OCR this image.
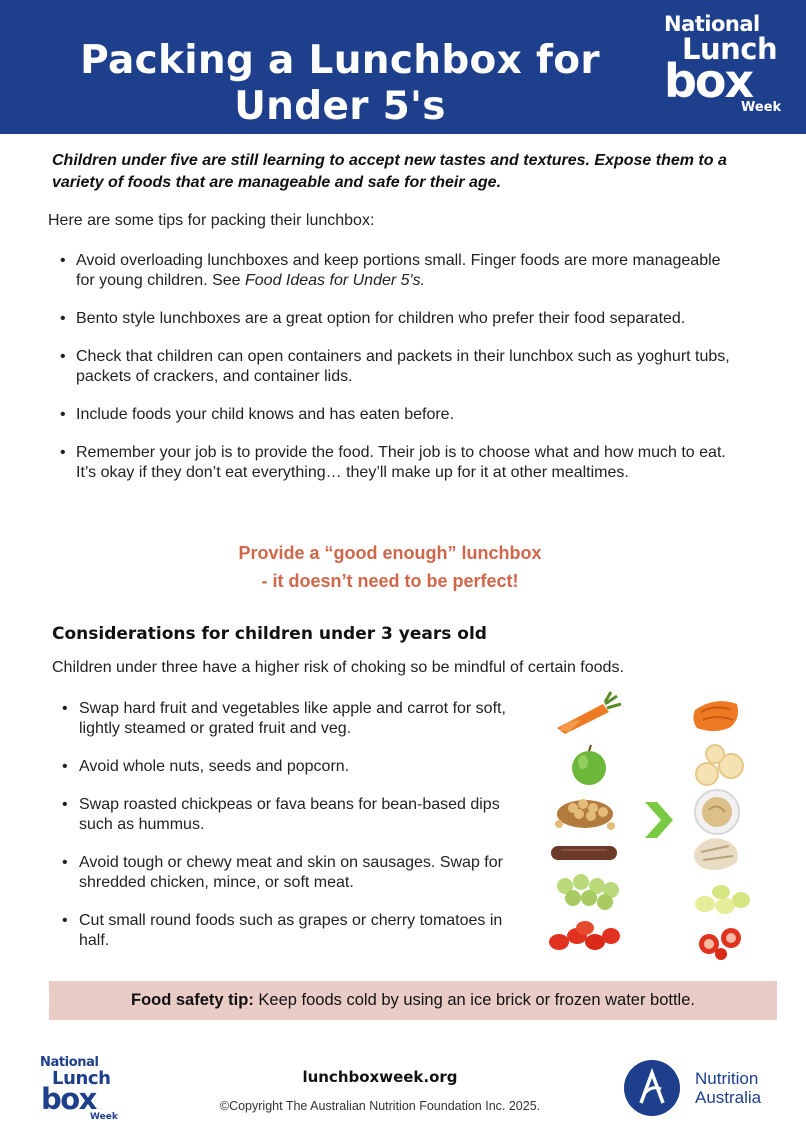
Packing a Lunchbox for Under 5's
National
Lunch
box
Week
Children under five are still learning to accept new tastes and textures. Expose them to a variety of foods that are manageable and safe for their age.
Here are some tips for packing their lunchbox:
• Avoid overloading lunchboxes and keep portions small. Finger foods are more manageable for young children. See Food Ideas for Under 5's.
• Bento style lunchboxes are a great option for children who prefer their food separated.
• Check that children can open containers and packets in their lunchbox such as yoghurt tubs, packets of crackers, and container lids.
• Include foods your child knows and has eaten before.
• Remember your job is to provide the food. Their job is to choose what and how much to eat. It’s okay if they don’t eat everything… they’ll make up for it at other mealtimes.
Provide a “good enough” lunchbox
- it doesn’t need to be perfect!
Considerations for children under 3 years old
Children under three have a higher risk of choking so be mindful of certain foods.
• Swap hard fruit and vegetables like apple and carrot for soft, lightly steamed or grated fruit and veg.
• Avoid whole nuts, seeds and popcorn.
• Swap roasted chickpeas or fava beans for bean-based dips such as hummus.
• Avoid tough or chewy meat and skin on sausages. Swap for shredded chicken, mince, or soft meat.
• Cut small round foods such as grapes or cherry tomatoes in half.
Food safety tip: Keep foods cold by using an ice brick or frozen water bottle.
National
Lunch
box
Week
lunchboxweek.org
©Copyright The Australian Nutrition Foundation Inc. 2025.
Nutrition
Australia
